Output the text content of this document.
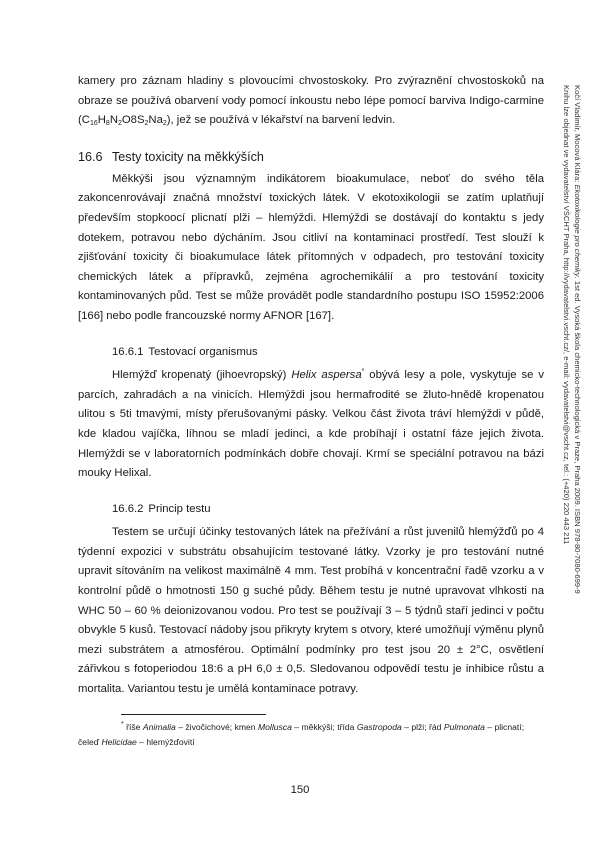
kamery pro záznam hladiny s plovoucími chvostoskoky. Pro zvýraznění chvostoskoků na obraze se používá obarvení vody pomocí inkoustu nebo lépe pomocí barviva Indigo-carmine $(C_{16}H_8N_2O8S_2Na_2)$, jež se používá v lékařství na barvení ledvin.

16.6 Testy toxicity na měkkýších

Měkkýši jsou významným indikátorem bioakumulace, neboť do svého těla zakoncenrovávají značná množství toxických látek. V ekotoxikologii se zatím uplatňují především stopkoocí plicnatí plži – hlemýždi. Hlemýždi se dostávají do kontaktu s jedy dotekem, potravou nebo dýcháním. Jsou citliví na kontaminaci prostředí. Test slouží k zjišťování toxicity či bioakumulace látek přítomných v odpadech, pro testování toxicity chemických látek a přípravků, zejména agrochemikálií a pro testování toxicity kontaminovaných půd. Test se může provádět podle standardního postupu ISO 15952:2006 [166] nebo podle francouzské normy AFNOR [167].

16.6.1 Testovací organismus

Hlemýžď kropenatý (jihoevropský) Helix aspersa* obývá lesy a pole, vyskytuje se v parcích, zahradách a na vinicích. Hlemýždi jsou hermafrodité se žluto-hnědě kropenatou ulitou s 5ti tmavými, místy přerušovanými pásky. Velkou část života tráví hlemýždi v půdě, kde kladou vajíčka, líhnou se mladí jedinci, a kde probíhají i ostatní fáze jejich života. Hlemýždi se v laboratorních podmínkách dobře chovají. Krmí se speciální potravou na bázi mouky Helixal.

16.6.2 Princip testu

Testem se určují účinky testovaných látek na přežívání a růst juvenilů hlemýžďů po 4 týdenní expozici v substrátu obsahujícím testované látky. Vzorky je pro testování nutné upravit sítováním na velikost maximálně 4 mm. Test probíhá v koncentrační řadě vzorku a v kontrolní půdě o hmotnosti 150 g suché půdy. Během testu je nutné upravovat vlhkosti na WHC 50 – 60 % deionizovanou vodou. Pro test se používají 3 – 5 týdnů staří jedinci v počtu obvykle 5 kusů. Testovací nádoby jsou přikryty krytem s otvory, které umožňují výměnu plynů mezi substrátem a atmosférou. Optimální podmínky pro test jsou 20 ± 2°C, osvětlení zářivkou s fotoperiodou 18:6 a pH 6,0 ± 0,5. Sledovanou odpovědí testu je inhibice růstu a mortalita. Variantou testu je umělá kontaminace potravy.

* říše Animalia – živočichové; kmen Mollusca – měkkýši; třída Gastropoda – plži; řád Pulmonata – plicnatí; čeleď Helicidae – hlemýžďovití
150
Kočí Vladimír, Mocová Klára: Ekotoxikologie pro chemiky. 1st ed. Vysoká škola chemicko-technologická v Praze, Praha 2009. ISBN 978-80-7080-699-9
Knihu lze objednat ve vydavatelství VŠCHT Praha, http://vydavatelstvi.vscht.cz/, e-mail: vydavatelstvi@vscht.cz, tel.: (+420) 220 443 211
